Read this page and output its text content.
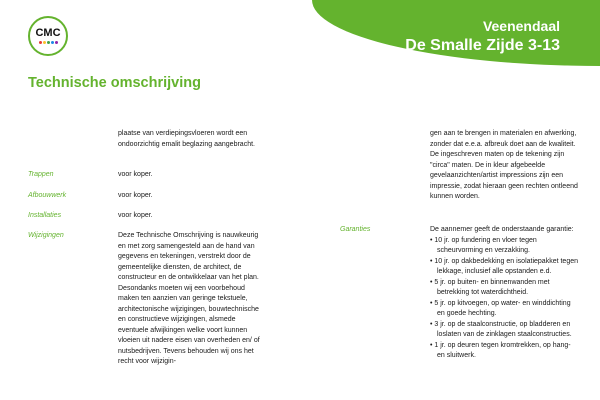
Veenendaal
De Smalle Zijde 3-13
CMC
Technische omschrijving
plaatse van verdiepingsvloeren wordt een ondoorzichtig emalit beglazing aangebracht.
Trappen	voor koper.
Afbouwwerk	voor koper.
Installaties	voor koper.
Wijzigingen	Deze Technische Omschrijving is nauwkeurig en met zorg samengesteld aan de hand van gegevens en tekeningen, verstrekt door de gemeentelijke diensten, de architect, de constructeur en de ontwikkelaar van het plan. Desondanks moeten wij een voorbehoud maken ten aanzien van geringe tekstuele, architectonische wijzigingen, bouwtechnische en constructieve wijzigingen, alsmede eventuele afwijkingen welke voort kunnen vloeien uit nadere eisen van overheden en/ of nutsbedrijven. Tevens behouden wij ons het recht voor wijzigin-
gen aan te brengen in materialen en afwerking, zonder dat e.e.a. afbreuk doet aan de kwaliteit. De ingeschreven maten op de tekening zijn "circa" maten. De in kleur afgebeelde gevelaanzichten/artist impressions zijn een impressie, zodat hieraan geen rechten ontleend kunnen worden.
Garanties	De aannemer geeft de onderstaande garantie:
• 10 jr. op fundering en vloer tegen scheurvorming en verzakking.
• 10 jr. op dakbedekking en isolatiepakket tegen lekkage, inclusief alle opstanden e.d.
• 5 jr. op buiten- en binnenwanden met betrekking tot waterdichtheid.
• 5 jr. op kitvoegen, op water- en winddichting en goede hechting.
• 3 jr. op de staalconstructie, op bladderen en loslaten van de zinklagen staalconstructies.
• 1 jr. op deuren tegen kromtrekken, op hang- en sluitwerk.
